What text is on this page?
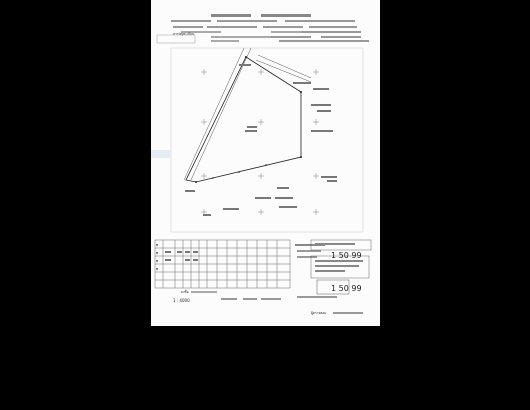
สารบัญทะเบียน
ก
ก
ก
ก
1 50 99
1 50 99
1 : 4000
ลงชื่อ
ผู้ตรวจสอบ
